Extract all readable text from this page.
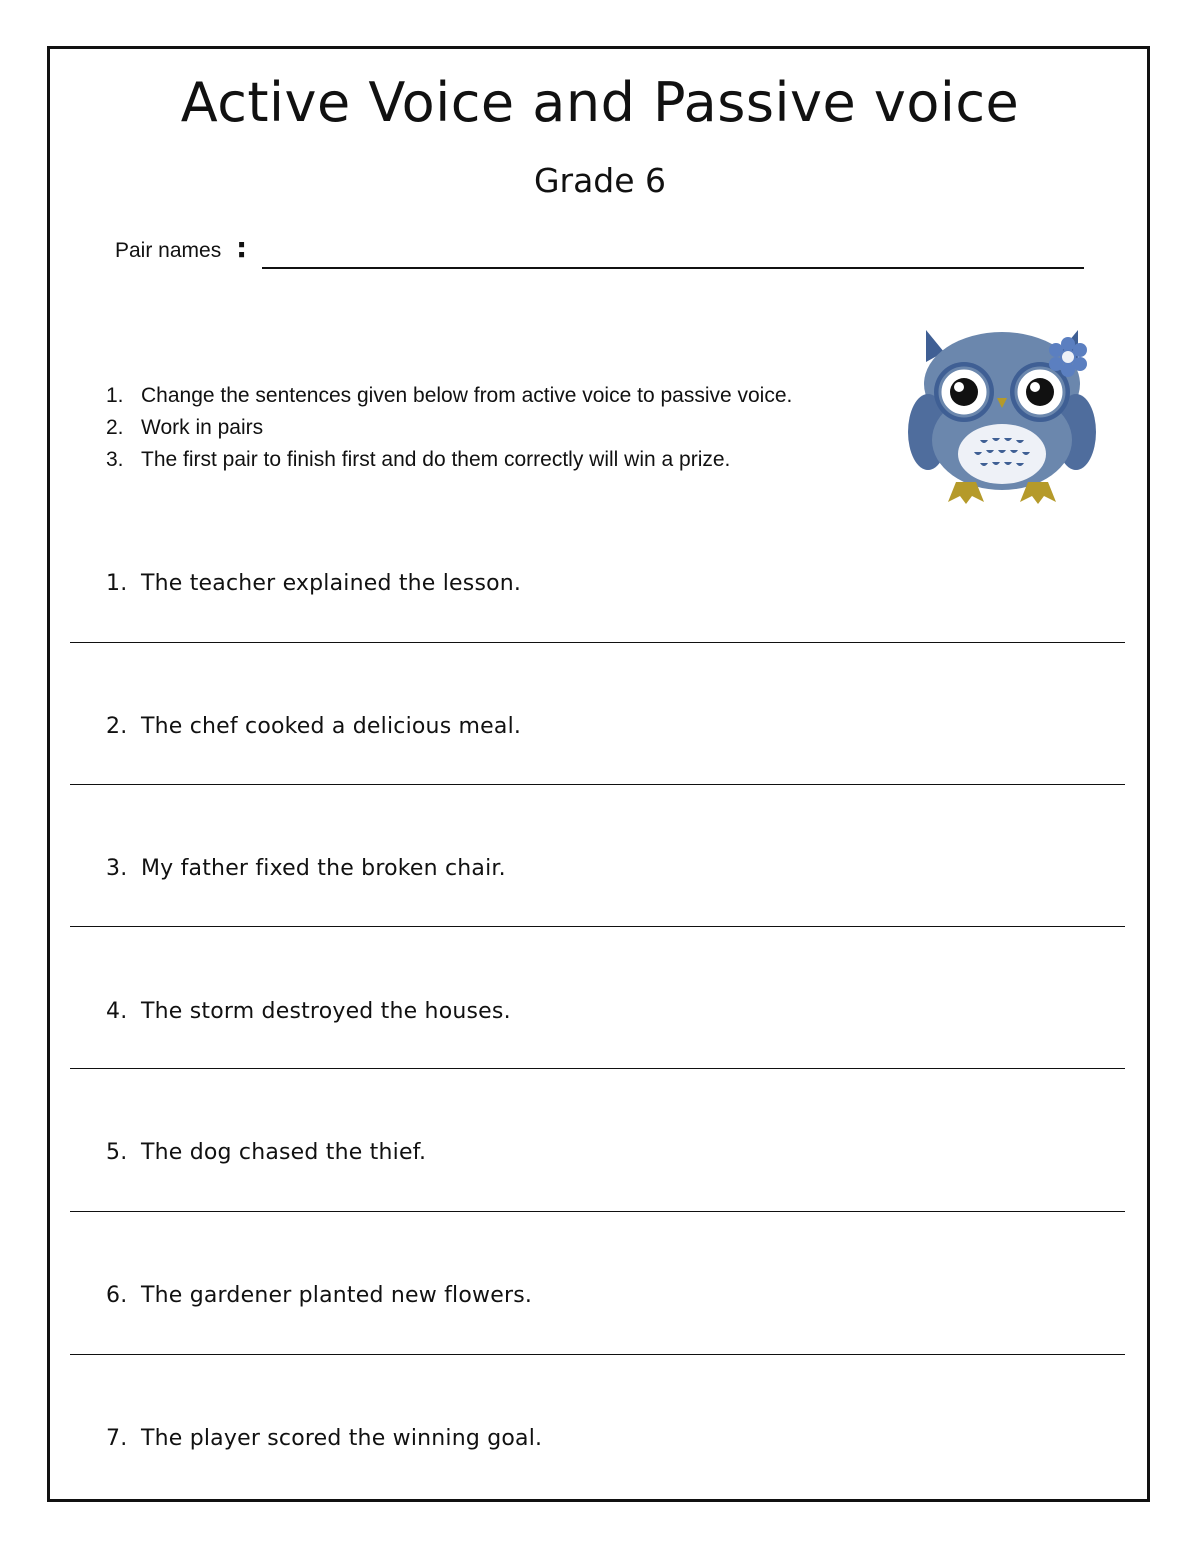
Active Voice and Passive voice
Grade 6
Pair names :
1. Change the sentences given below from active voice to passive voice.
2. Work in pairs
3. The first pair to finish first and do them correctly will win a prize.
1. The teacher explained the lesson.
2. The chef cooked a delicious meal.
3. My father fixed the broken chair.
4. The storm destroyed the houses.
5. The dog chased the thief.
6. The gardener planted new flowers.
7. The player scored the winning goal.
